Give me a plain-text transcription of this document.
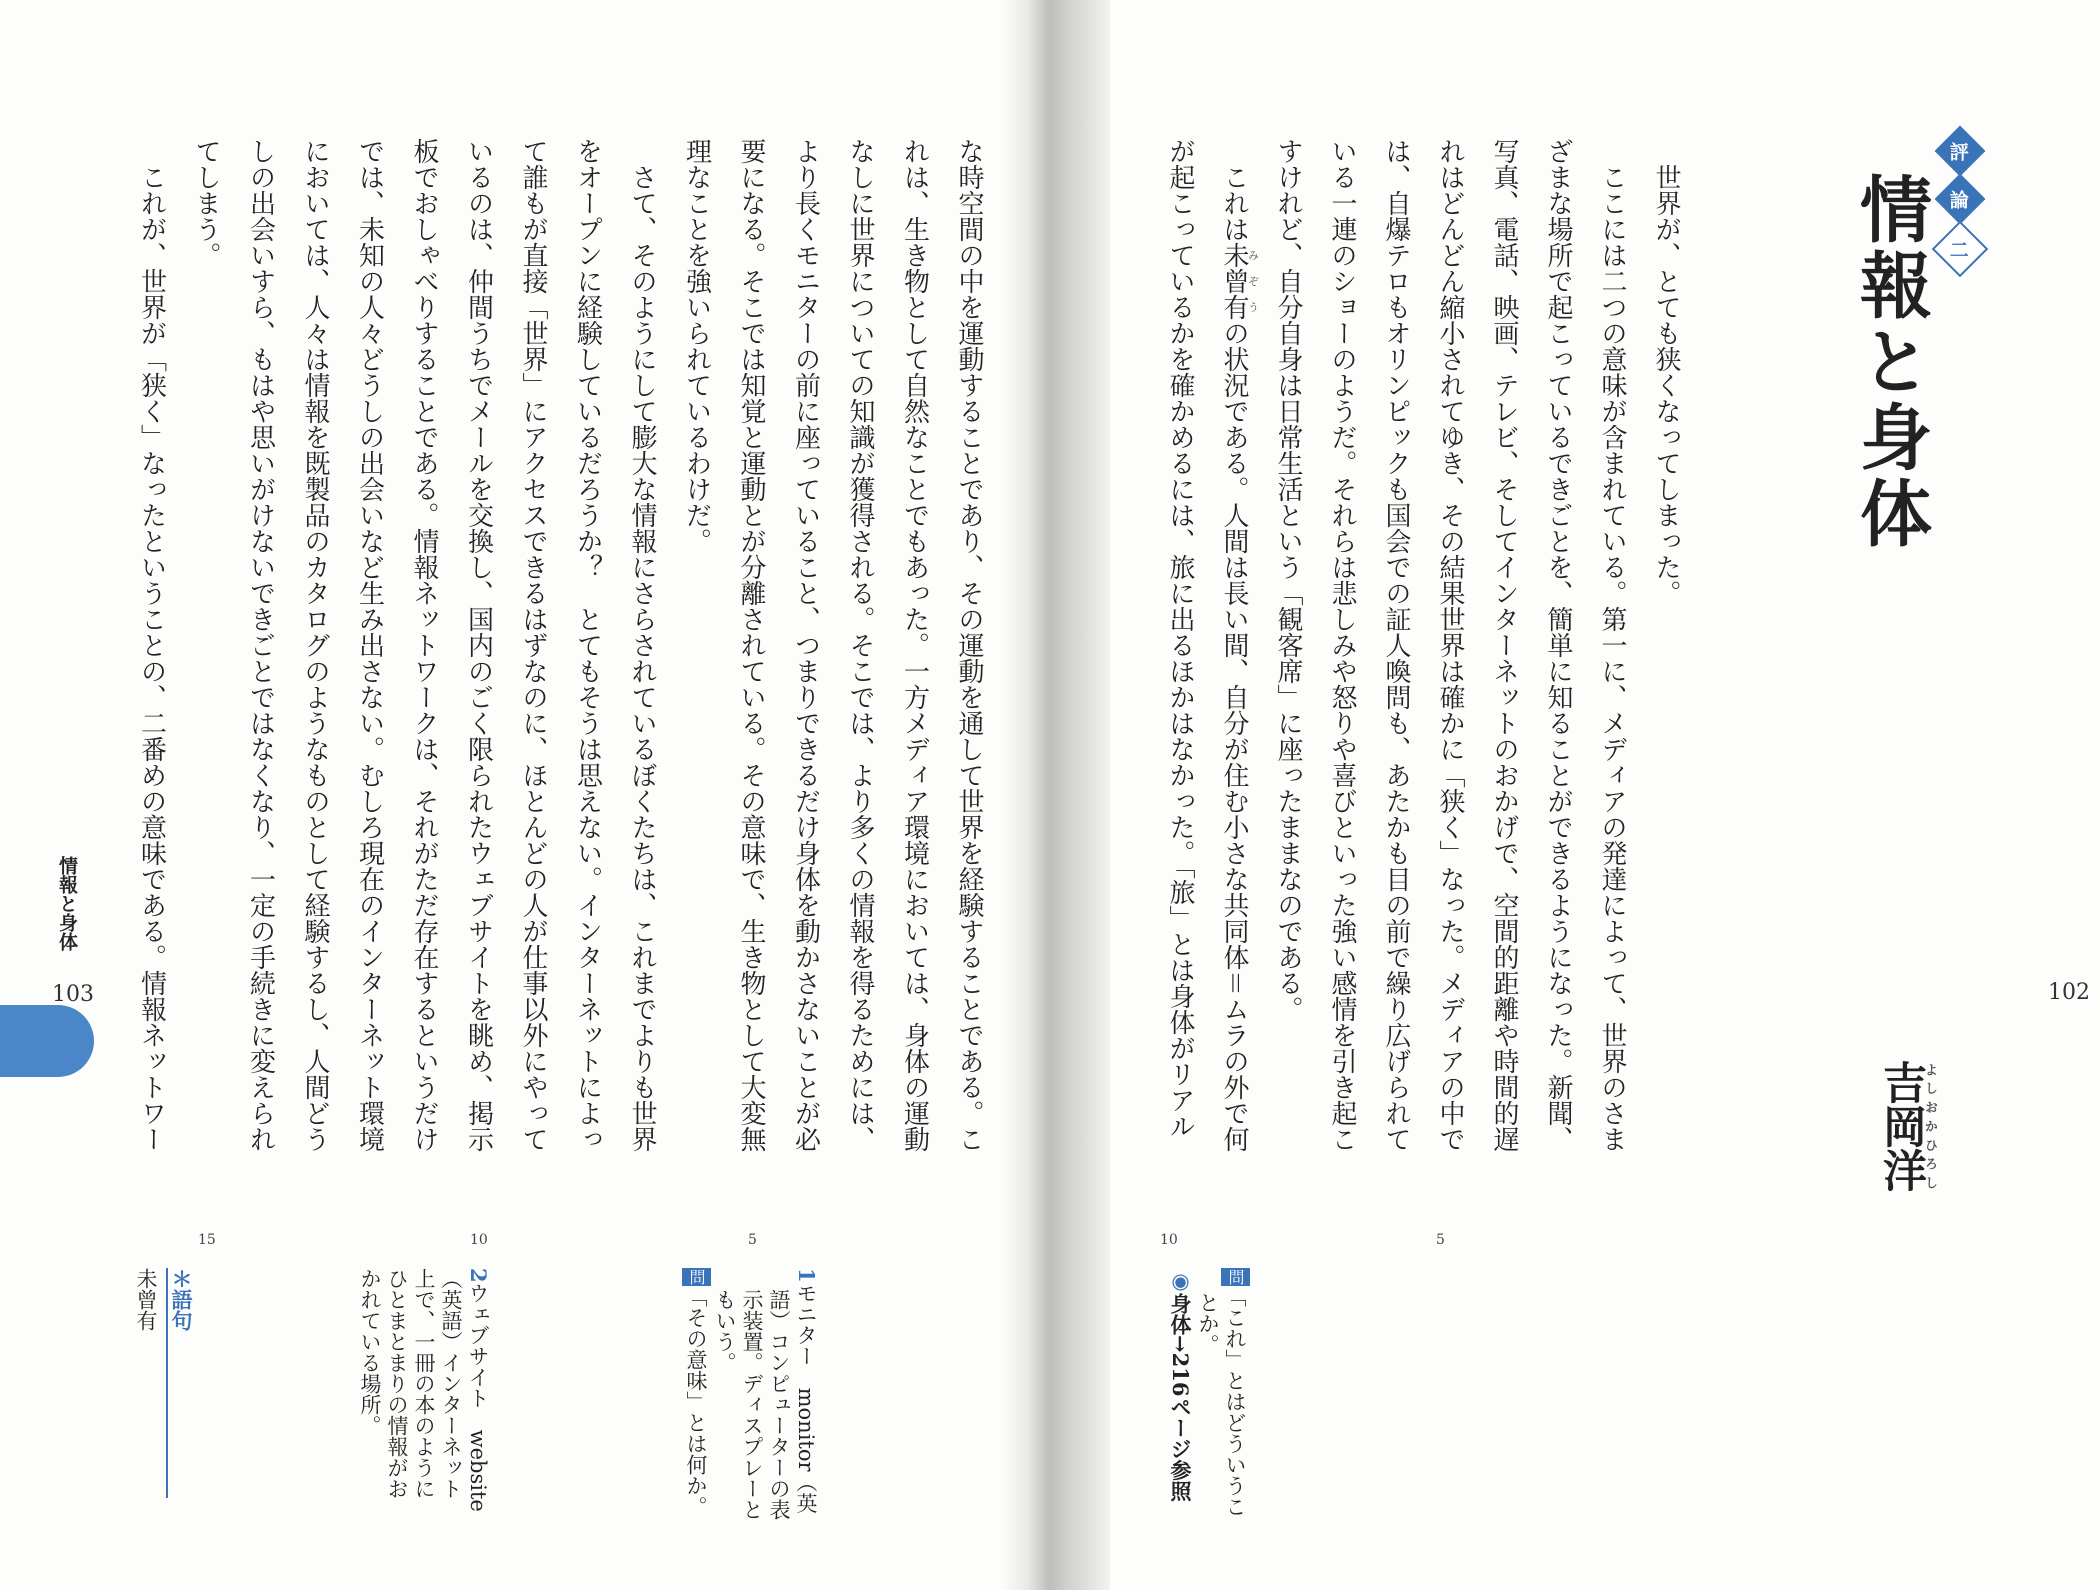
評
論
二
情報と身体
吉岡洋よしおかひろし
世界が、とても狭くなってしまった。
ここには二つの意味が含まれている。第一に、メディアの発達によって、世界のさま
ざまな場所で起こっているできごとを、簡単に知ることができるようになった。新聞、
写真、電話、映画、テレビ、そしてインターネットのおかげで、空間的距離や時間的遅
れはどんどん縮小されてゆき、その結果世界は確かに「狭く」なった。メディアの中で
は、自爆テロもオリンピックも国会での証人喚問も、あたかも目の前で繰り広げられて
いる一連のショーのようだ。それらは悲しみや怒りや喜びといった強い感情を引き起こ
すけれど、自分自身は日常生活という「観客席」に座ったままなのである。
これは未曾有みぞうの状況である。人間は長い間、自分が住む小さな共同体＝ムラの外で何
が起こっているかを確かめるには、旅に出るほかはなかった。「旅」とは身体がリアル
5
10
102
問「これ」とはどういうこ
とか。
◉身体→216ページ参照
な時空間の中を運動することであり、その運動を通して世界を経験することである。こ
れは、生き物として自然なことでもあった。一方メディア環境においては、身体の運動
なしに世界についての知識が獲得される。そこでは、より多くの情報を得るためには、
より長くモニターの前に座っていること、つまりできるだけ身体を動かさないことが必
要になる。そこでは知覚と運動とが分離されている。その意味で、生き物として大変無
理なことを強いられているわけだ。
さて、そのようにして膨大な情報にさらされているぼくたちは、これまでよりも世界
をオープンに経験しているだろうか？　とてもそうは思えない。インターネットによっ
て誰もが直接「世界」にアクセスできるはずなのに、ほとんどの人が仕事以外にやって
いるのは、仲間うちでメールを交換し、国内のごく限られたウェブサイトを眺め、掲示
板でおしゃべりすることである。情報ネットワークは、それがただ存在するというだけ
では、未知の人々どうしの出会いなど生み出さない。むしろ現在のインターネット環境
においては、人々は情報を既製品のカタログのようなものとして経験するし、人間どう
しの出会いすら、もはや思いがけないできごとではなくなり、一定の手続きに変えられ
てしまう。
これが、世界が「狭く」なったということの、二番めの意味である。情報ネットワー
5
10
15
情報と身体
103
1モニター　monitor（英
語）コンピューターの表
示装置。ディスプレーと
もいう。
問「その意味」とは何か。
2ウェブサイト　website
（英語）インターネット
上で、一冊の本のように
ひとまとまりの情報がお
かれている場所。
＊語句
未曾有
